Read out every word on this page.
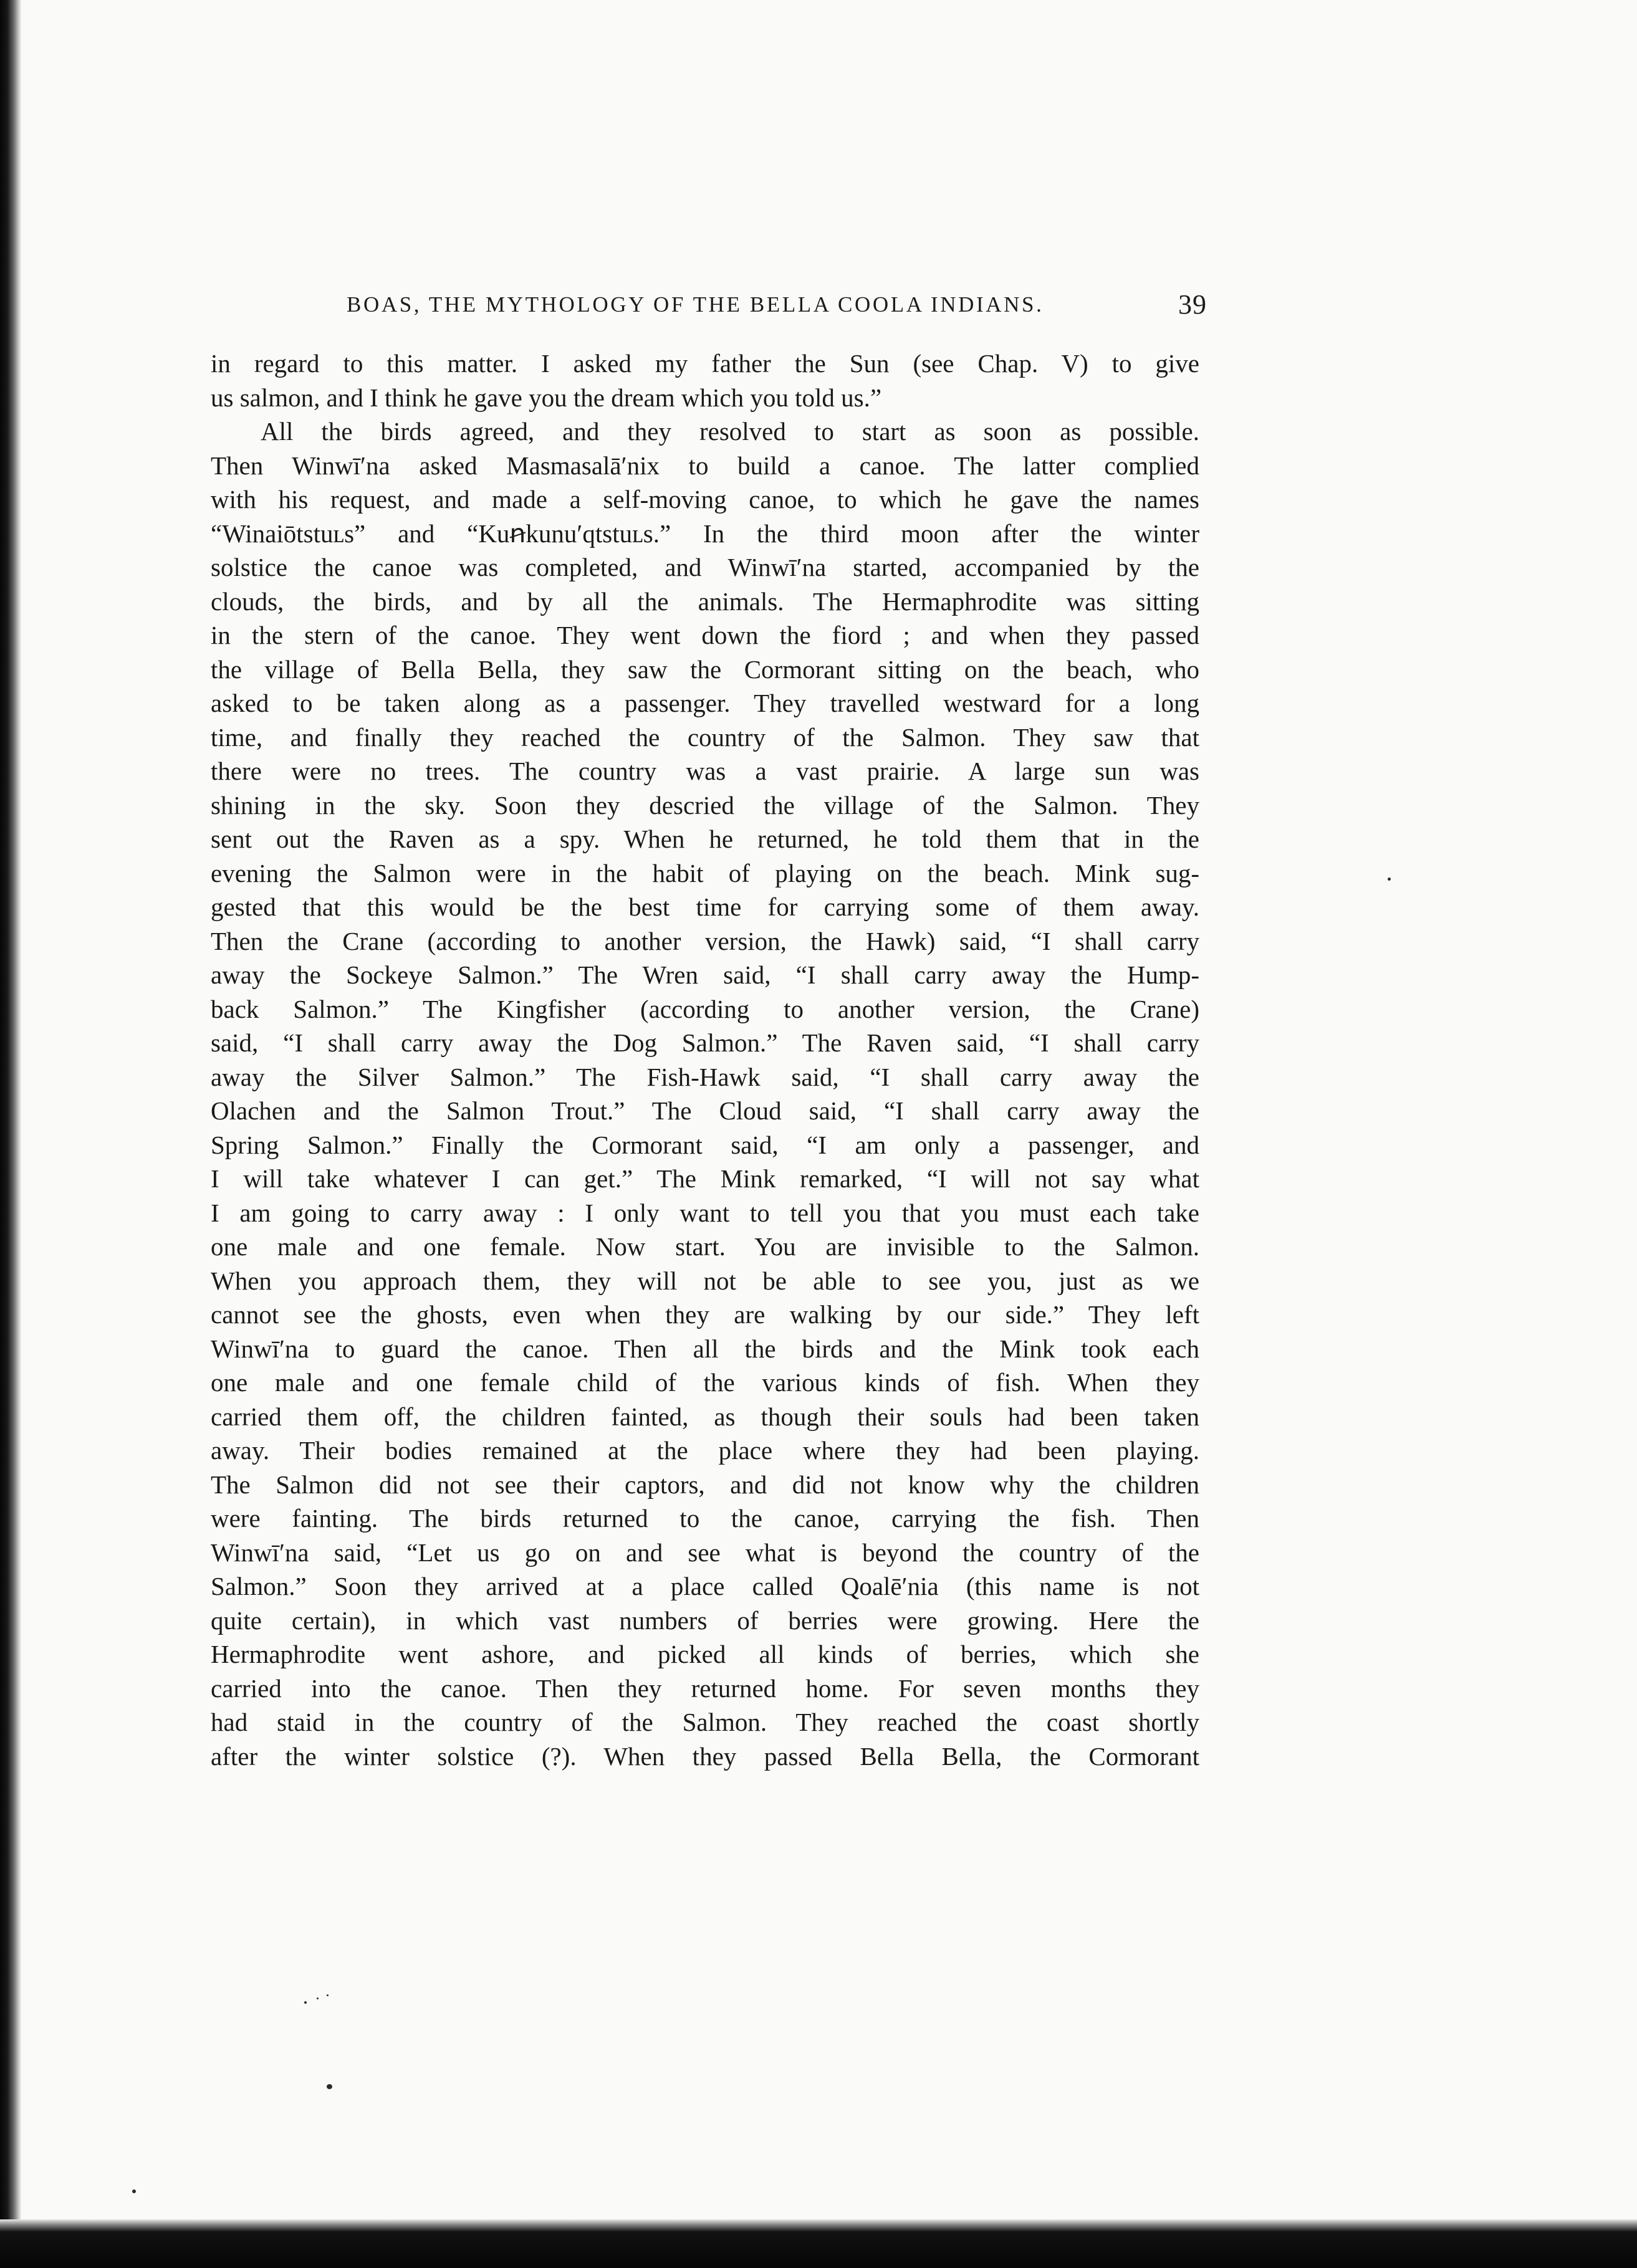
BOAS, THE MYTHOLOGY OF THE BELLA COOLA INDIANS.	39
in regard to this matter. I asked my father the Sun (see Chap. V) to give
us salmon, and I think he gave you the dream which you told us.”
All the birds agreed, and they resolved to start as soon as possible.
Then Winwī′na asked Masmasalā′nix to build a canoe. The latter complied
with his request, and made a self-moving canoe, to which he gave the names
“Winaiōtstuʟs” and “Kuꞥkunu′qtstuʟs.” In the third moon after the winter
solstice the canoe was completed, and Winwī′na started, accompanied by the
clouds, the birds, and by all the animals. The Hermaphrodite was sitting
in the stern of the canoe. They went down the fiord ; and when they passed
the village of Bella Bella, they saw the Cormorant sitting on the beach, who
asked to be taken along as a passenger. They travelled westward for a long
time, and finally they reached the country of the Salmon. They saw that
there were no trees. The country was a vast prairie. A large sun was
shining in the sky. Soon they descried the village of the Salmon. They
sent out the Raven as a spy. When he returned, he told them that in the
evening the Salmon were in the habit of playing on the beach. Mink sug-
gested that this would be the best time for carrying some of them away.
Then the Crane (according to another version, the Hawk) said, “I shall carry
away the Sockeye Salmon.” The Wren said, “I shall carry away the Hump-
back Salmon.” The Kingfisher (according to another version, the Crane)
said, “I shall carry away the Dog Salmon.” The Raven said, “I shall carry
away the Silver Salmon.” The Fish-Hawk said, “I shall carry away the
Olachen and the Salmon Trout.” The Cloud said, “I shall carry away the
Spring Salmon.” Finally the Cormorant said, “I am only a passenger, and
I will take whatever I can get.” The Mink remarked, “I will not say what
I am going to carry away : I only want to tell you that you must each take
one male and one female. Now start. You are invisible to the Salmon.
When you approach them, they will not be able to see you, just as we
cannot see the ghosts, even when they are walking by our side.” They left
Winwī′na to guard the canoe. Then all the birds and the Mink took each
one male and one female child of the various kinds of fish. When they
carried them off, the children fainted, as though their souls had been taken
away. Their bodies remained at the place where they had been playing.
The Salmon did not see their captors, and did not know why the children
were fainting. The birds returned to the canoe, carrying the fish. Then
Winwī′na said, “Let us go on and see what is beyond the country of the
Salmon.” Soon they arrived at a place called Qoalē′nia (this name is not
quite certain), in which vast numbers of berries were growing. Here the
Hermaphrodite went ashore, and picked all kinds of berries, which she
carried into the canoe. Then they returned home. For seven months they
had staid in the country of the Salmon. They reached the coast shortly
after the winter solstice (?). When they passed Bella Bella, the Cormorant
